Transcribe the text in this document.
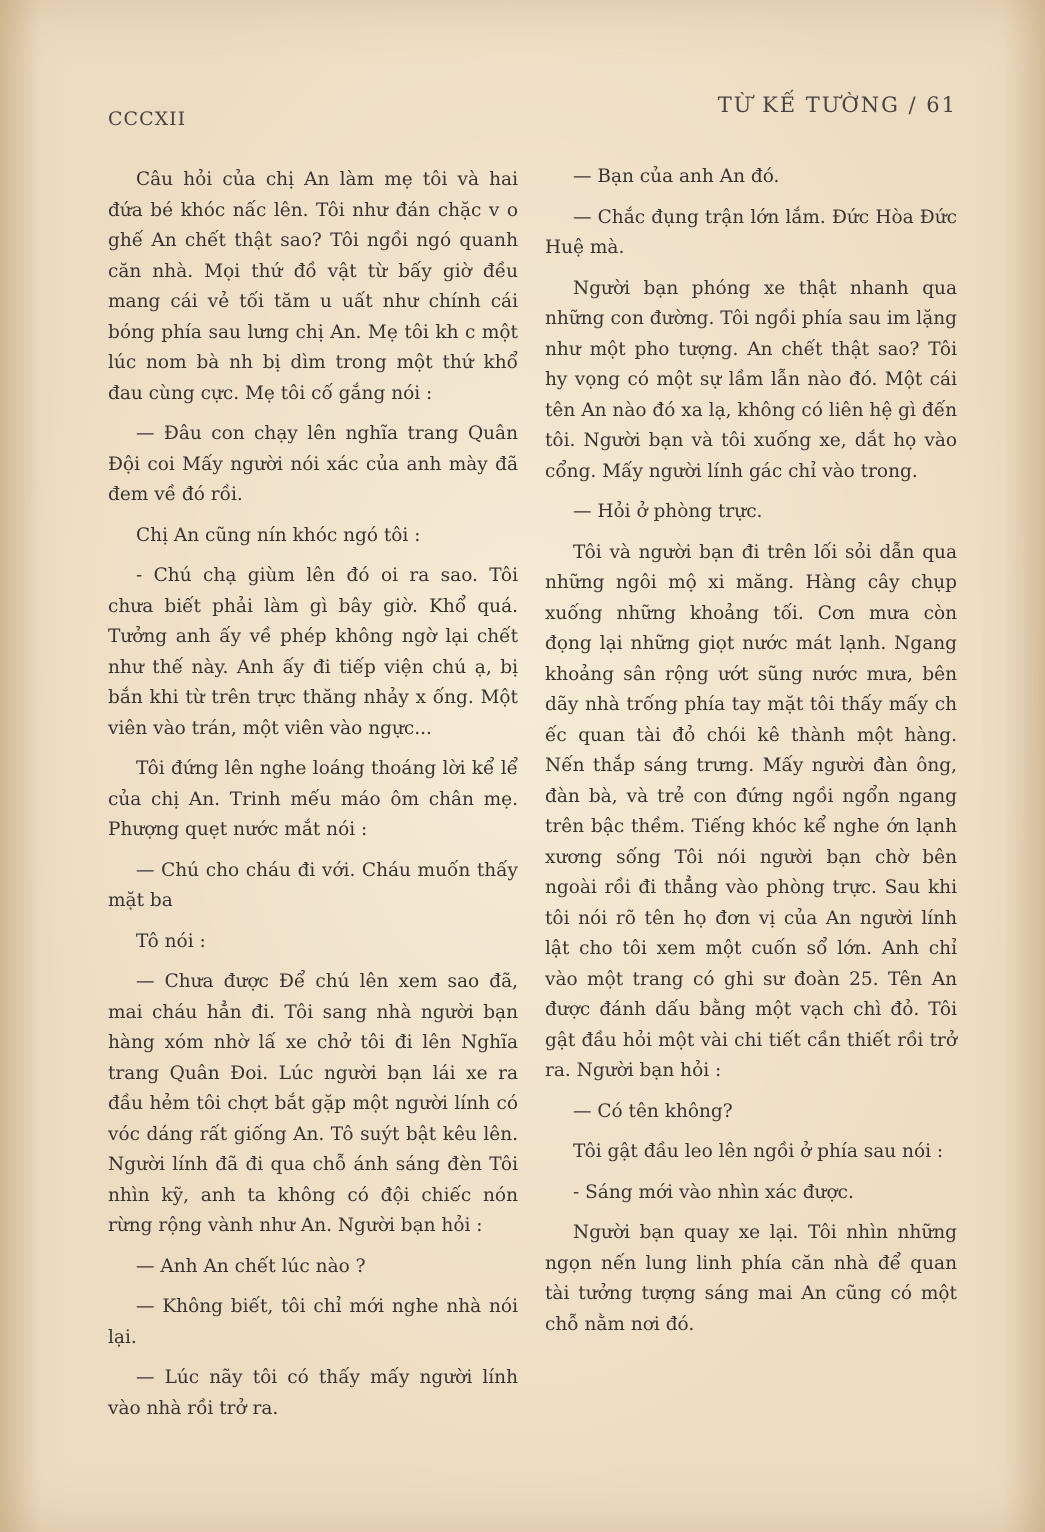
CCCXII
TỪ KẾ TƯỜNG / 61

Câu hỏi của chị An làm mẹ tôi và hai đứa bé khóc nấc lên. Tôi như đán chặc v o ghế An chết thật sao? Tôi ngồi ngó quanh căn nhà. Mọi thứ đồ vật từ bấy giờ đều mang cái vẻ tối tăm u uất như chính cái bóng phía sau lưng chị An. Mẹ tôi kh c một lúc nom bà nh bị dìm trong một thứ khổ đau cùng cực. Mẹ tôi cố gắng nói :

— Đâu con chạy lên nghĩa trang Quân Đội coi Mấy người nói xác của anh mày đã đem về đó rồi.

Chị An cũng nín khóc ngó tôi :

- Chú chạ giùm lên đó oi ra sao. Tôi chưa biết phải làm gì bây giờ. Khổ quá. Tưởng anh ấy về phép không ngờ lại chết như thế này. Anh ấy đi tiếp viện chú ạ, bị bắn khi từ trên trực thăng nhảy x ống. Một viên vào trán, một viên vào ngực...

Tôi đứng lên nghe loáng thoáng lời kể lể của chị An. Trinh mếu máo ôm chân mẹ. Phượng quẹt nước mắt nói :

— Chú cho cháu đi với. Cháu muốn thấy mặt ba

Tô nói :

— Chưa được Để chú lên xem sao đã, mai cháu hẳn đi. Tôi sang nhà người bạn hàng xóm nhờ lấ xe chở tôi đi lên Nghĩa trang Quân Đoi. Lúc người bạn lái xe ra đầu hẻm tôi chợt bắt gặp một người lính có vóc dáng rất giống An. Tô suýt bật kêu lên. Người lính đã đi qua chỗ ánh sáng đèn Tôi nhìn kỹ, anh ta không có đội chiếc nón rừng rộng vành như An. Người bạn hỏi :

— Anh An chết lúc nào ?

— Không biết, tôi chỉ mới nghe nhà nói lại.

— Lúc nãy tôi có thấy mấy người lính vào nhà rồi trở ra.

— Bạn của anh An đó.

— Chắc đụng trận lớn lắm. Đức Hòa Đức Huệ mà.

Người bạn phóng xe thật nhanh qua những con đường. Tôi ngồi phía sau im lặng như một pho tượng. An chết thật sao? Tôi hy vọng có một sự lầm lẫn nào đó. Một cái tên An nào đó xa lạ, không có liên hệ gì đến tôi. Người bạn và tôi xuống xe, dắt họ vào cổng. Mấy người lính gác chỉ vào trong.

— Hỏi ở phòng trực.

Tôi và người bạn đi trên lối sỏi dẫn qua những ngôi mộ xi măng. Hàng cây chụp xuống những khoảng tối. Cơn mưa còn đọng lại những giọt nước mát lạnh. Ngang khoảng sân rộng ướt sũng nước mưa, bên dãy nhà trống phía tay mặt tôi thấy mấy ch ếc quan tài đỏ chói kê thành một hàng. Nến thắp sáng trưng. Mấy người đàn ông, đàn bà, và trẻ con đứng ngồi ngổn ngang trên bậc thềm. Tiếng khóc kể nghe ớn lạnh xương sống Tôi nói người bạn chờ bên ngoài rồi đi thẳng vào phòng trực. Sau khi tôi nói rõ tên họ đơn vị của An người lính lật cho tôi xem một cuốn sổ lớn. Anh chỉ vào một trang có ghi sư đoàn 25. Tên An được đánh dấu bằng một vạch chì đỏ. Tôi gật đầu hỏi một vài chi tiết cần thiết rồi trở ra. Người bạn hỏi :

— Có tên không?

Tôi gật đầu leo lên ngồi ở phía sau nói :

- Sáng mới vào nhìn xác được.

Người bạn quay xe lại. Tôi nhìn những ngọn nến lung linh phía căn nhà để quan tài tưởng tượng sáng mai An cũng có một chỗ nằm nơi đó.
